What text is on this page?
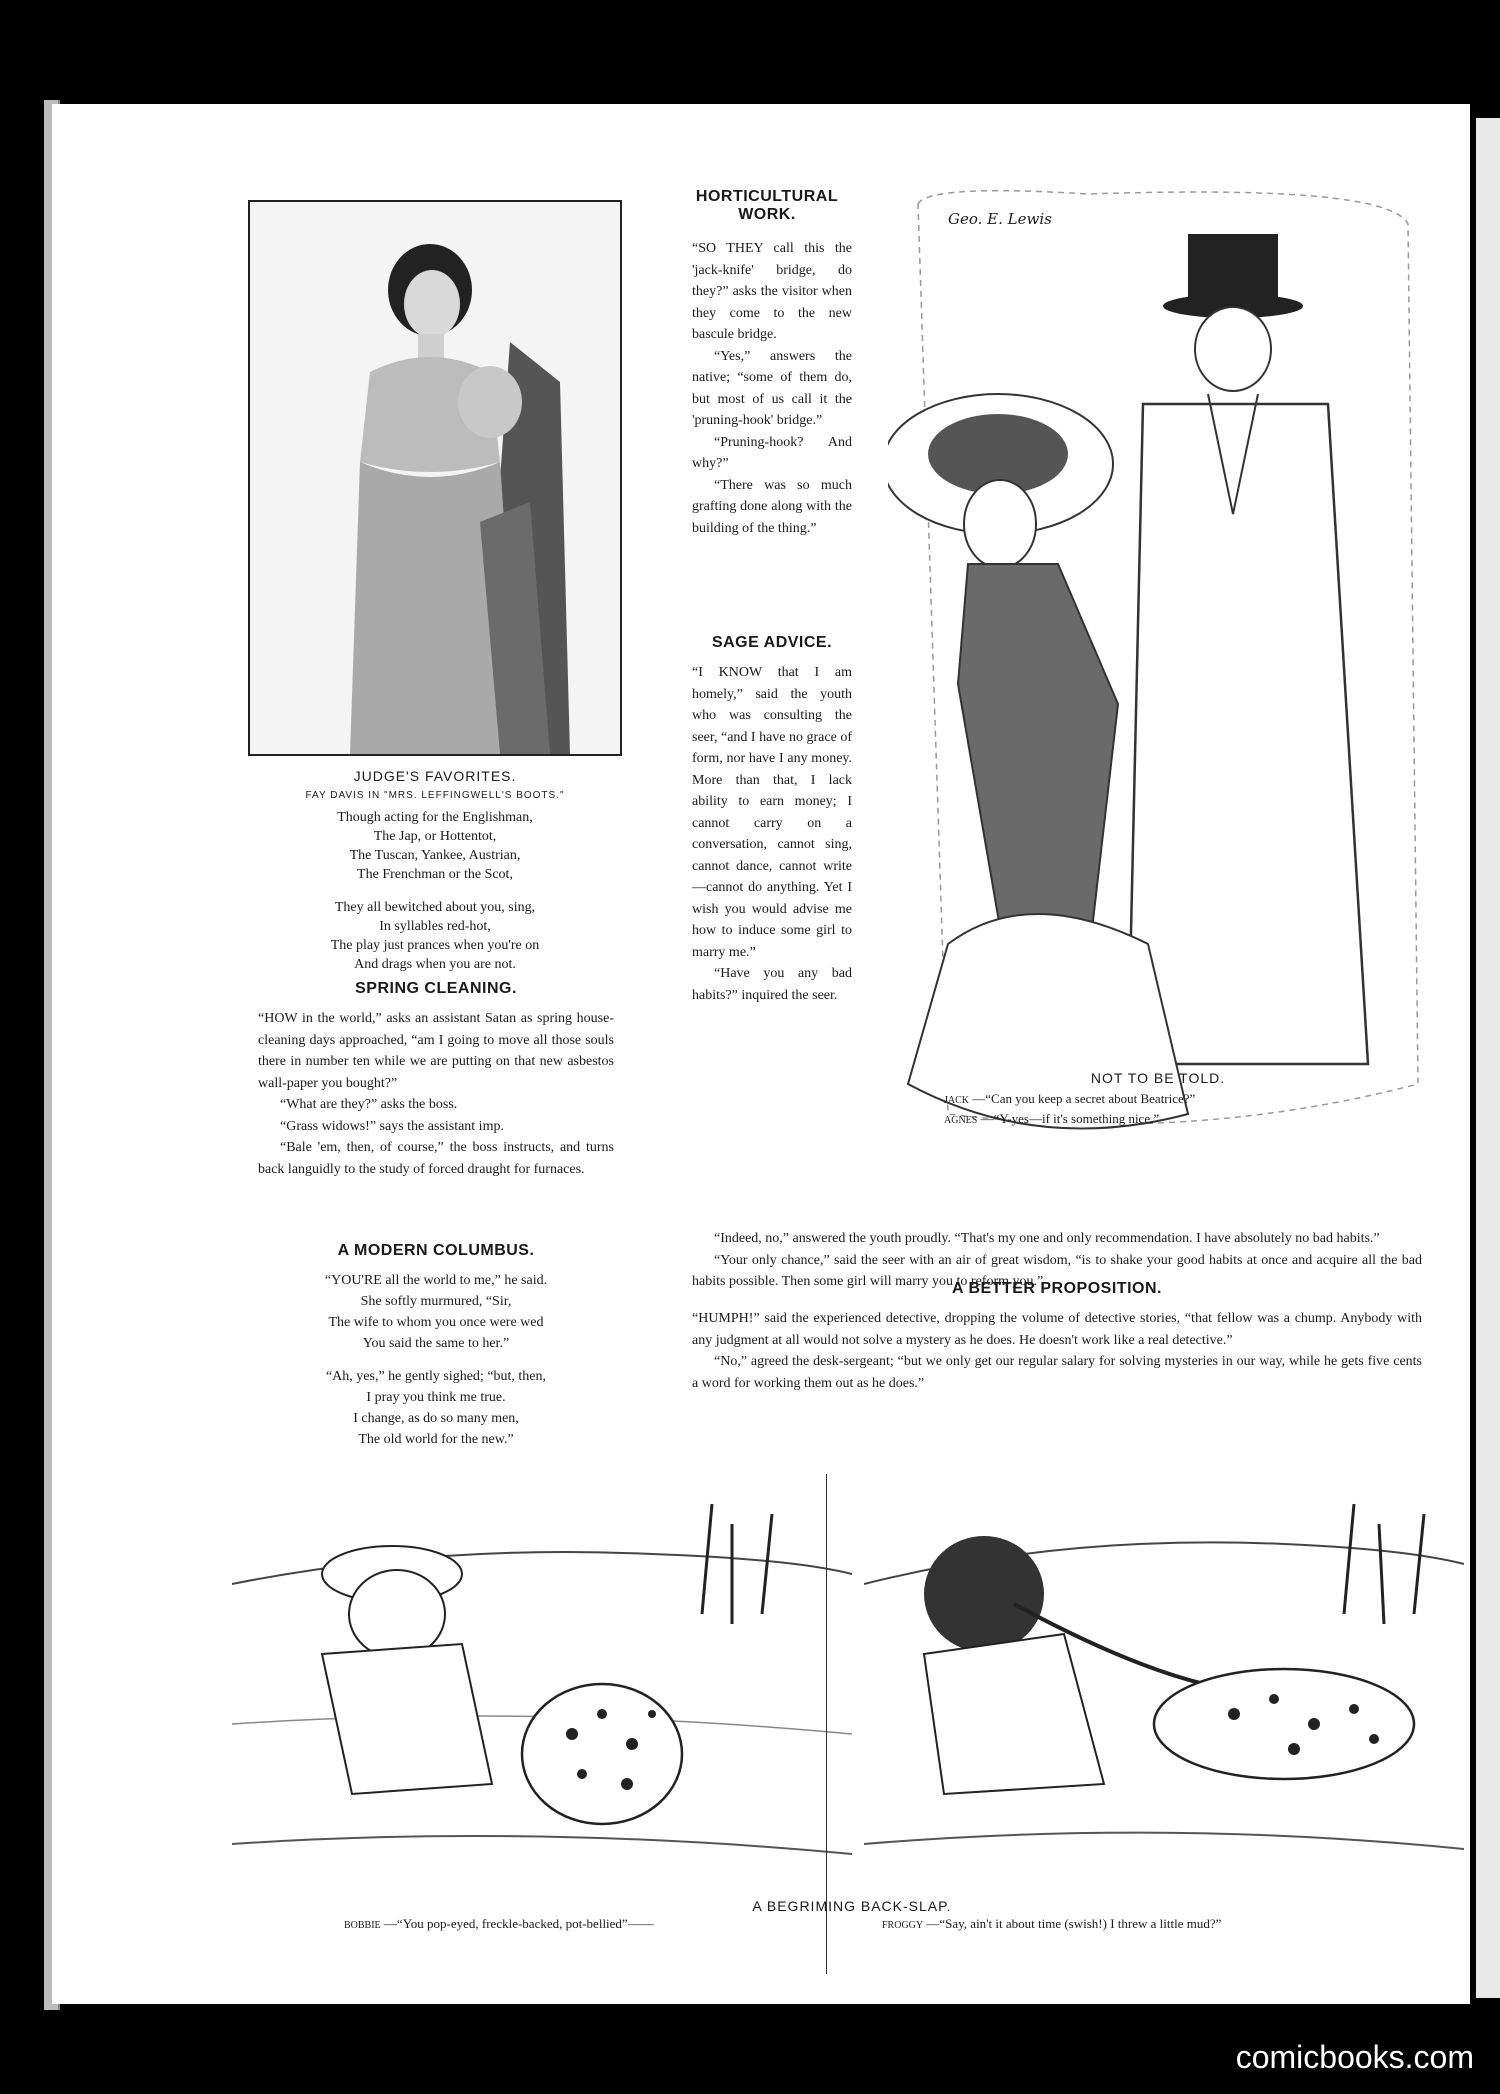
JUDGE'S FAVORITES.
FAY DAVIS IN "MRS. LEFFINGWELL'S BOOTS."
Though acting for the Englishman,
The Jap, or Hottentot,
The Tuscan, Yankee, Austrian,
The Frenchman or the Scot,
They all bewitched about you, sing,
In syllables red-hot,
The play just prances when you're on
And drags when you are not.
SPRING CLEANING.

“HOW in the world,” asks an assistant Satan as spring house-cleaning days approached, “am I going to move all those souls there in number ten while we are putting on that new asbestos wall-paper you bought?”

“What are they?” asks the boss.

“Grass widows!” says the assistant imp.

“Bale 'em, then, of course,” the boss instructs, and turns back languidly to the study of forced draught for furnaces.

A MODERN COLUMBUS.
“YOU'RE all the world to me,” he said.
She softly murmured, “Sir,
The wife to whom you once were wed
You said the same to her.”
“Ah, yes,” he gently sighed; “but, then,
I pray you think me true.
I change, as do so many men,
The old world for the new.”
HORTICULTURAL
WORK.

“SO THEY call this the 'jack-knife' bridge, do they?” asks the visitor when they come to the new bascule bridge.

“Yes,” answers the native; “some of them do, but most of us call it the 'pruning-hook' bridge.”

“Pruning-hook? And why?”

“There was so much grafting done along with the building of the thing.”

SAGE ADVICE.

“I KNOW that I am homely,” said the youth who was consulting the seer, “and I have no grace of form, nor have I any money. More than that, I lack ability to earn money; I cannot carry on a conversation, cannot sing, cannot dance, cannot write—cannot do anything. Yet I wish you would advise me how to induce some girl to marry me.”

“Have you any bad habits?” inquired the seer.

“Indeed, no,” answered the youth proudly. “That's my one and only recommendation. I have absolutely no bad habits.”

“Your only chance,” said the seer with an air of great wisdom, “is to shake your good habits at once and acquire all the bad habits possible. Then some girl will marry you to reform you.”

Geo. E. Lewis
NOT TO BE TOLD.
JACK —“Can you keep a secret about Beatrice?”
AGNES —“Y-yes—if it's something nice.”
A BETTER PROPOSITION.

“HUMPH!” said the experienced detective, dropping the volume of detective stories, “that fellow was a chump. Anybody with any judgment at all would not solve a mystery as he does. He doesn't work like a real detective.”

“No,” agreed the desk-sergeant; “but we only get our regular salary for solving mysteries in our way, while he gets five cents a word for working them out as he does.”

A BEGRIMING BACK-SLAP.
BOBBIE —“You pop-eyed, freckle-backed, pot-bellied”——	FROGGY —“Say, ain't it about time (swish!) I threw a little mud?”
comicbooks.com
